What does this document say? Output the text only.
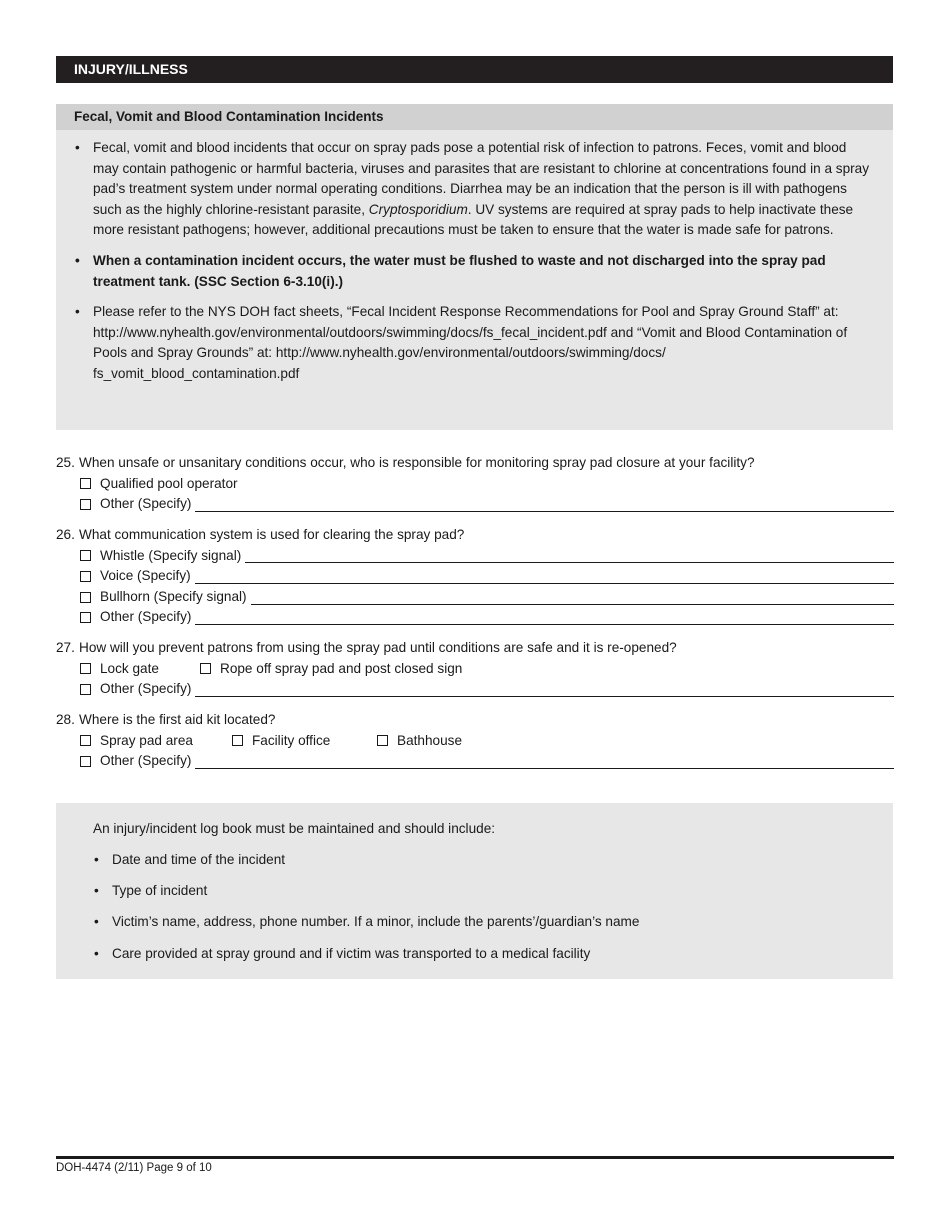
INJURY/ILLNESS
Fecal, Vomit and Blood Contamination Incidents
• Fecal, vomit and blood incidents that occur on spray pads pose a potential risk of infection to patrons. Feces, vomit and blood may contain pathogenic or harmful bacteria, viruses and parasites that are resistant to chlorine at concentrations found in a spray pad’s treatment system under normal operating conditions. Diarrhea may be an indication that the person is ill with pathogens such as the highly chlorine-resistant parasite, Cryptosporidium. UV systems are required at spray pads to help inactivate these more resistant pathogens; however, additional precautions must be taken to ensure that the water is made safe for patrons.
• When a contamination incident occurs, the water must be flushed to waste and not discharged into the spray pad treatment tank. (SSC Section 6-3.10(i).)
• Please refer to the NYS DOH fact sheets, “Fecal Incident Response Recommendations for Pool and Spray Ground Staff” at: http://www.nyhealth.gov/environmental/outdoors/swimming/docs/fs_fecal_incident.pdf and “Vomit and Blood Contamination of Pools and Spray Grounds” at: http://www.nyhealth.gov/environmental/outdoors/swimming/docs/ fs_vomit_blood_contamination.pdf
25. When unsafe or unsanitary conditions occur, who is responsible for monitoring spray pad closure at your facility?
Qualified pool operator
Other (Specify)
26. What communication system is used for clearing the spray pad?
Whistle (Specify signal)
Voice (Specify)
Bullhorn (Specify signal)
Other (Specify)
27. How will you prevent patrons from using the spray pad until conditions are safe and it is re-opened?
Lock gate	Rope off spray pad and post closed sign
Other (Specify)
28. Where is the first aid kit located?
Spray pad area	Facility office	Bathhouse
Other (Specify)
An injury/incident log book must be maintained and should include:
• Date and time of the incident
• Type of incident
• Victim’s name, address, phone number. If a minor, include the parents’/guardian’s name
• Care provided at spray ground and if victim was transported to a medical facility
DOH-4474 (2/11) Page 9 of 10
